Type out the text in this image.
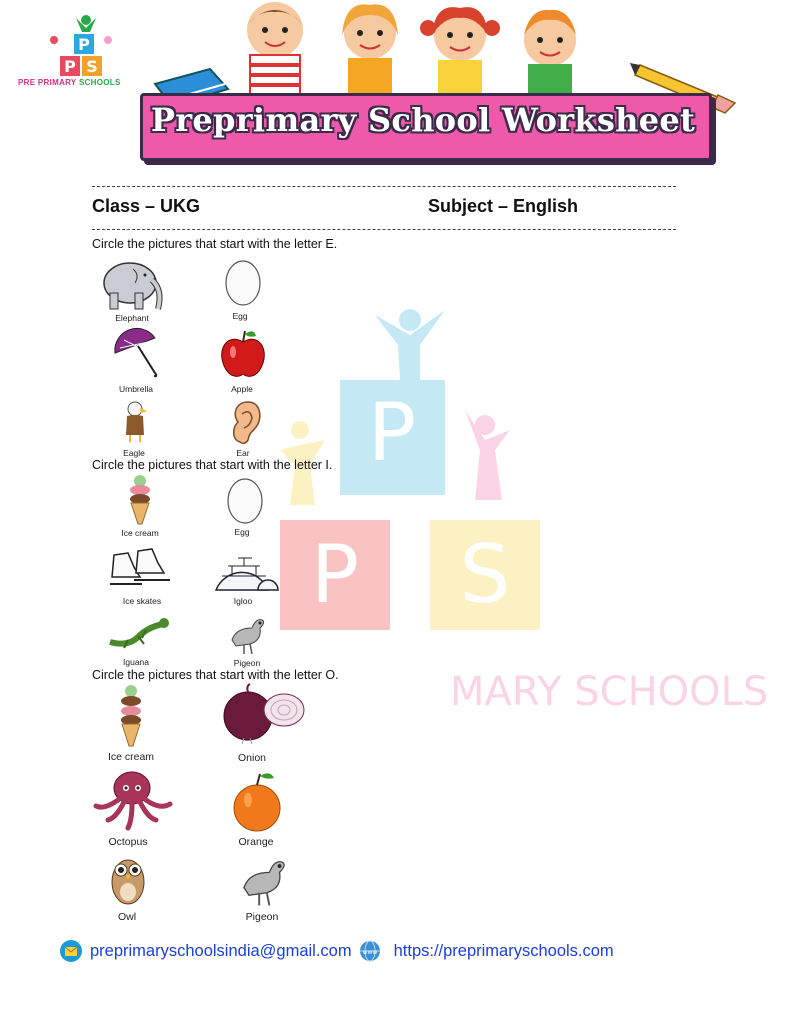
P
P S
MARY SCHOOLS
P
P S
PRE PRIMARY SCHOOLS
Preprimary School Worksheet
Class – UKG	Subject – English
Circle the pictures that start with the letter E.
Elephant	Egg
Umbrella	Apple
Eagle	Ear
Circle the pictures that start with the letter I.
Ice cream	Egg
Ice skates	Igloo
Iguana	Pigeon
Circle the pictures that start with the letter O.
Ice cream	Onion
Octopus	Orange
Owl	Pigeon
preprimaryschoolsindia@gmail.com www https://preprimaryschools.com
